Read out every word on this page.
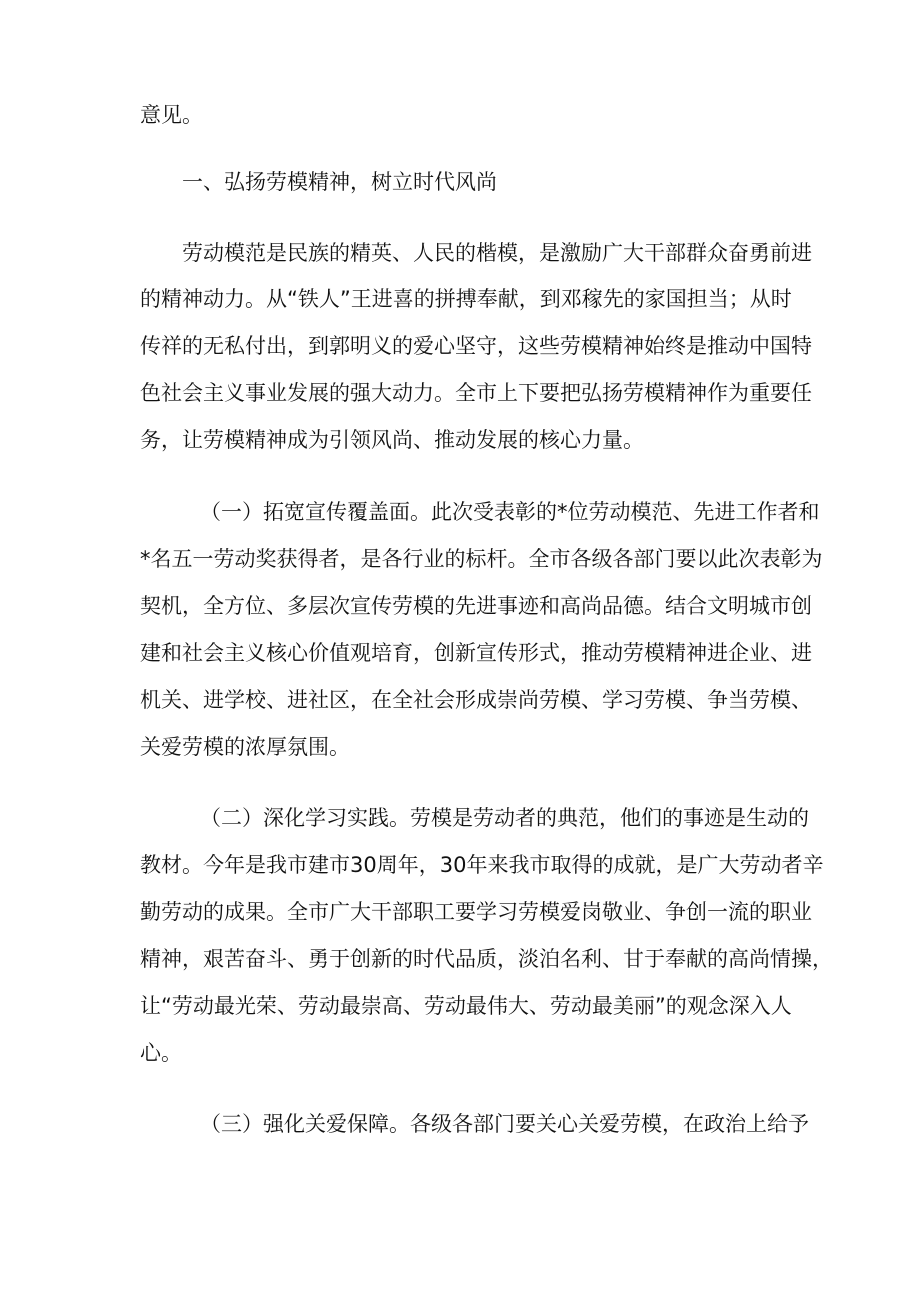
意见。
一、弘扬劳模精神，树立时代风尚
劳动模范是民族的精英、人民的楷模，是激励广大干部群众奋勇前进
的精神动力。从“铁人”王进喜的拼搏奉献，到邓稼先的家国担当；从时
传祥的无私付出，到郭明义的爱心坚守，这些劳模精神始终是推动中国特
色社会主义事业发展的强大动力。全市上下要把弘扬劳模精神作为重要任
务，让劳模精神成为引领风尚、推动发展的核心力量。
（一）拓宽宣传覆盖面。此次受表彰的*位劳动模范、先进工作者和
*名五一劳动奖获得者，是各行业的标杆。全市各级各部门要以此次表彰为
契机，全方位、多层次宣传劳模的先进事迹和高尚品德。结合文明城市创
建和社会主义核心价值观培育，创新宣传形式，推动劳模精神进企业、进
机关、进学校、进社区，在全社会形成崇尚劳模、学习劳模、争当劳模、
关爱劳模的浓厚氛围。
（二）深化学习实践。劳模是劳动者的典范，他们的事迹是生动的
教材。今年是我市建市30周年，30年来我市取得的成就，是广大劳动者辛
勤劳动的成果。全市广大干部职工要学习劳模爱岗敬业、争创一流的职业
精神，艰苦奋斗、勇于创新的时代品质，淡泊名利、甘于奉献的高尚情操，
让“劳动最光荣、劳动最崇高、劳动最伟大、劳动最美丽”的观念深入人
心。
（三）强化关爱保障。各级各部门要关心关爱劳模，在政治上给予
